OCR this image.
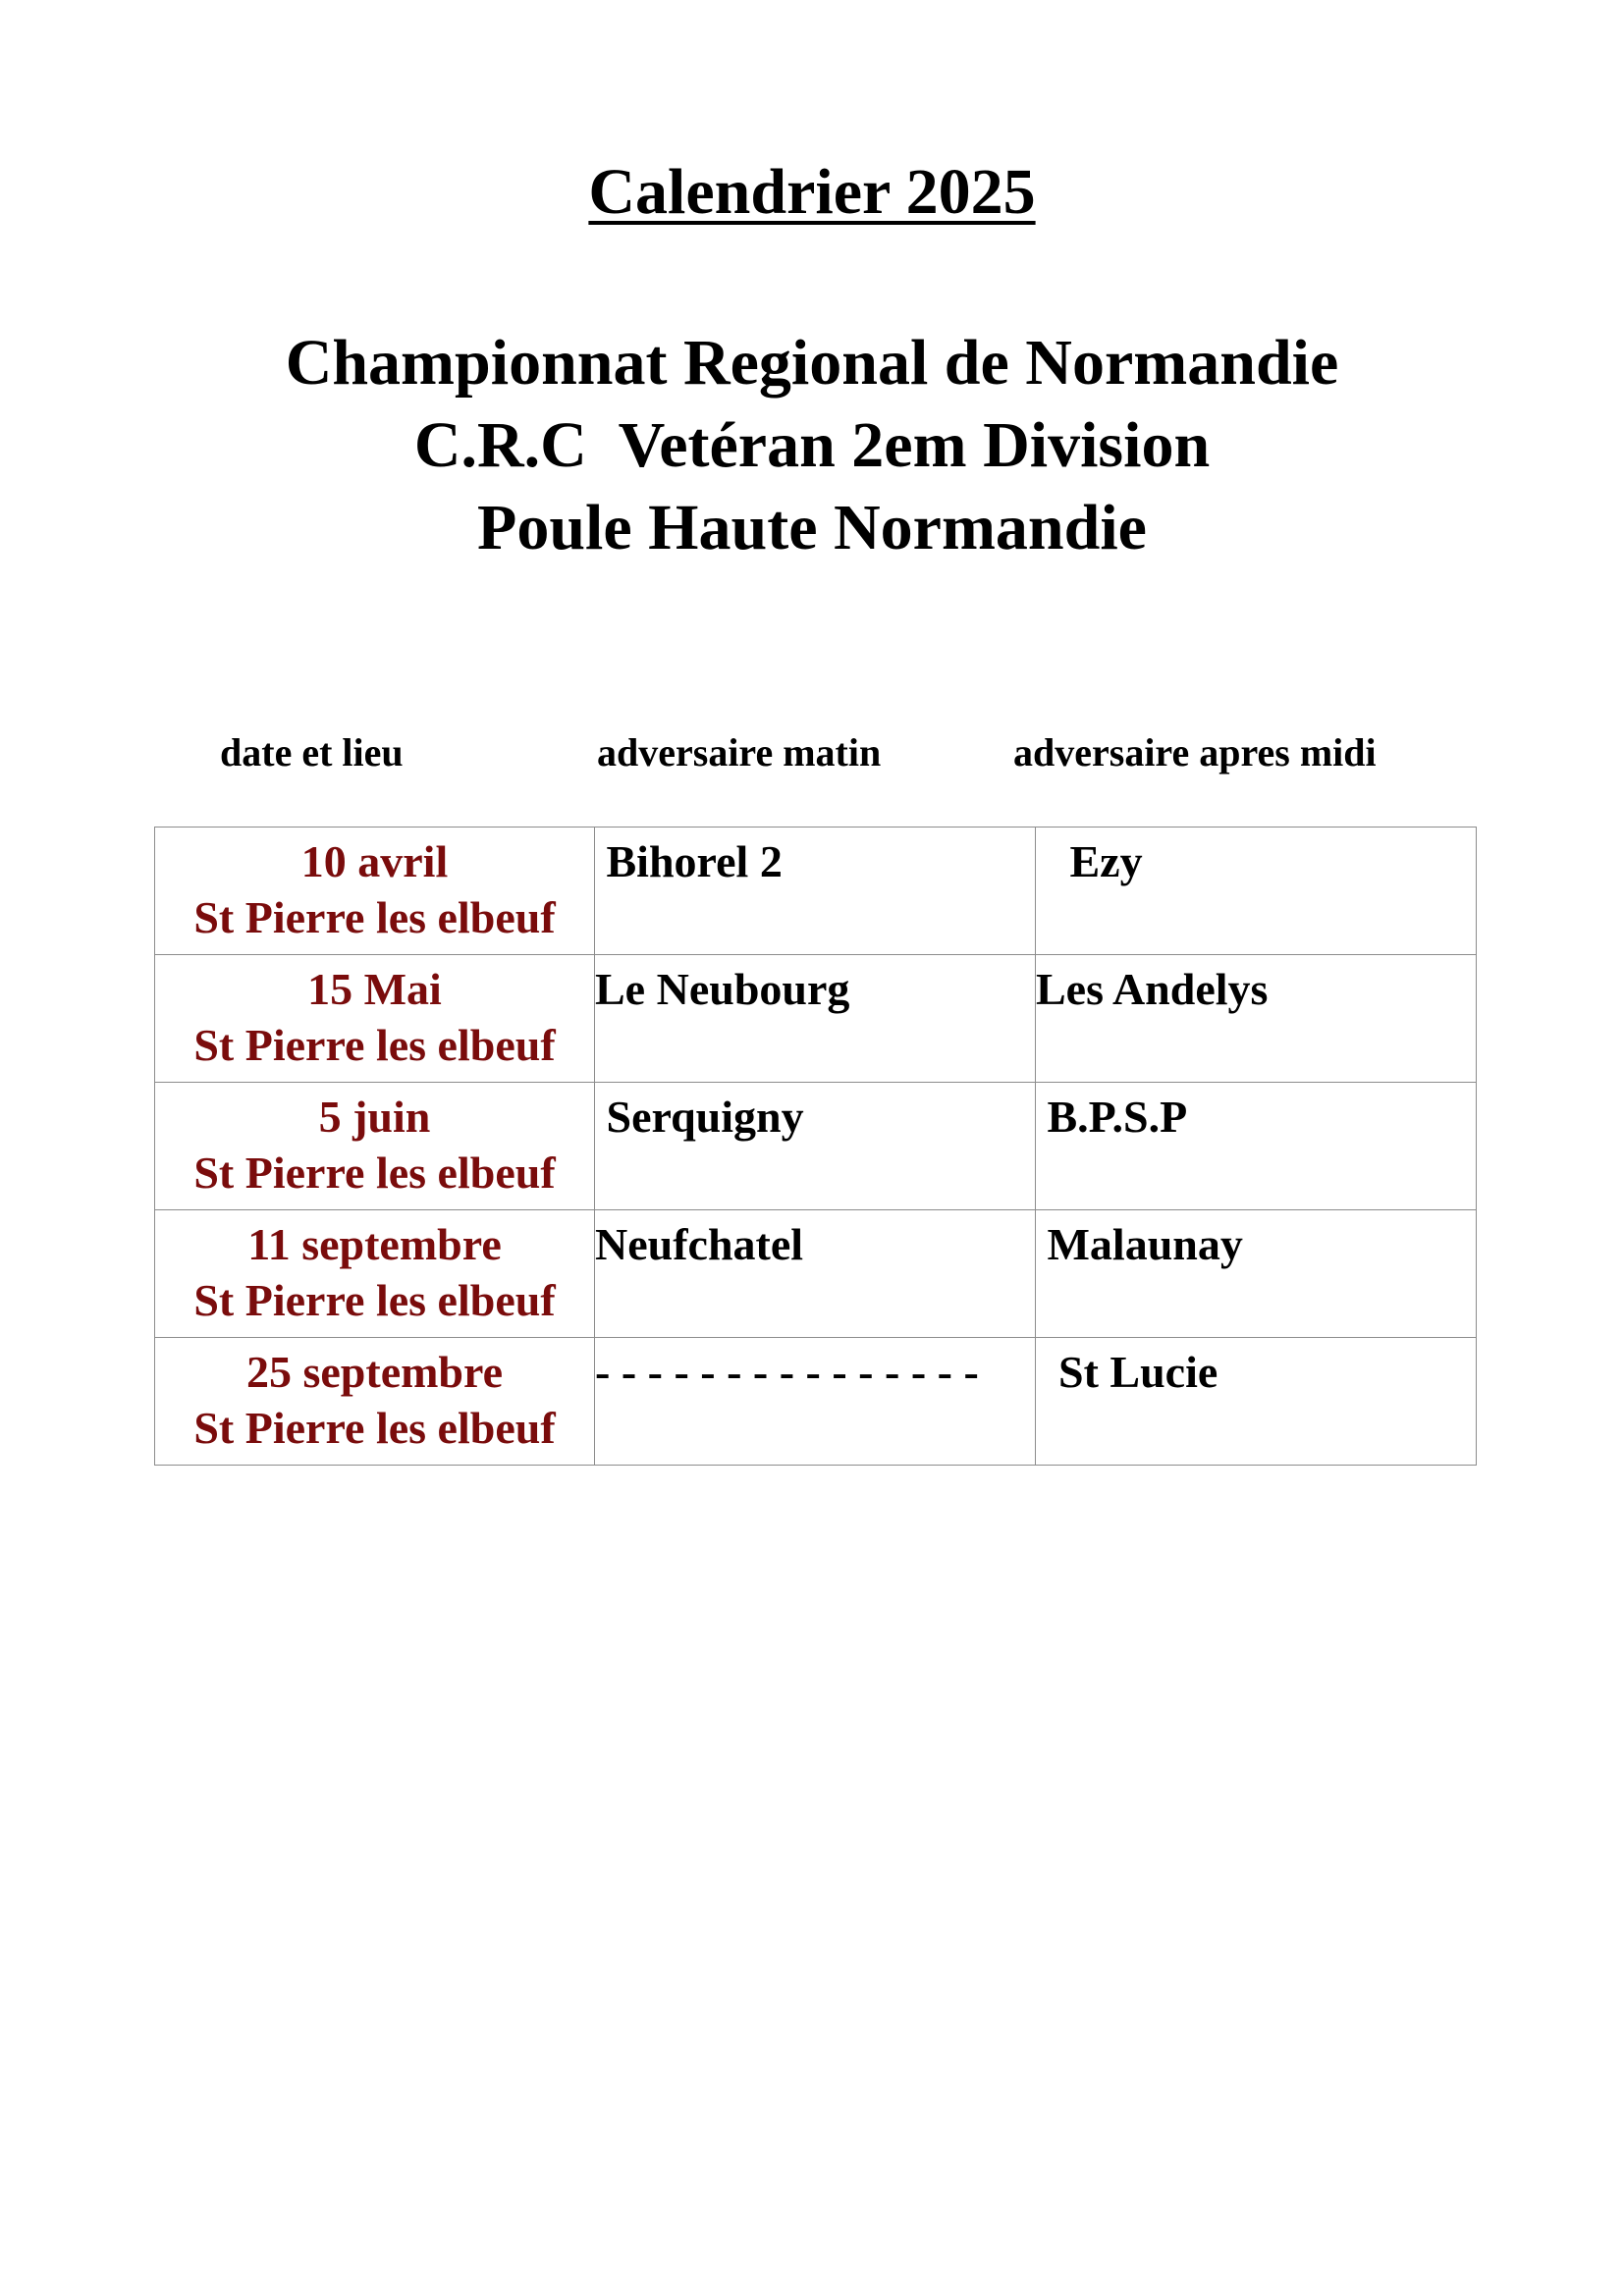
Calendrier 2025
Championnat Regional de Normandie
C.R.C  Vetéran 2em Division
Poule Haute Normandie
date et lieu	adversaire matin	adversaire apres midi
10 avril
St Pierre les elbeuf	Bihorel 2	Ezy

15 Mai
St Pierre les elbeuf	Le Neubourg	Les Andelys

5 juin
St Pierre les elbeuf	Serquigny	B.P.S.P

11 septembre
St Pierre les elbeuf	Neufchatel	Malaunay

25 septembre
St Pierre les elbeuf	- - - - - - - - - - - - - - -	St Lucie
